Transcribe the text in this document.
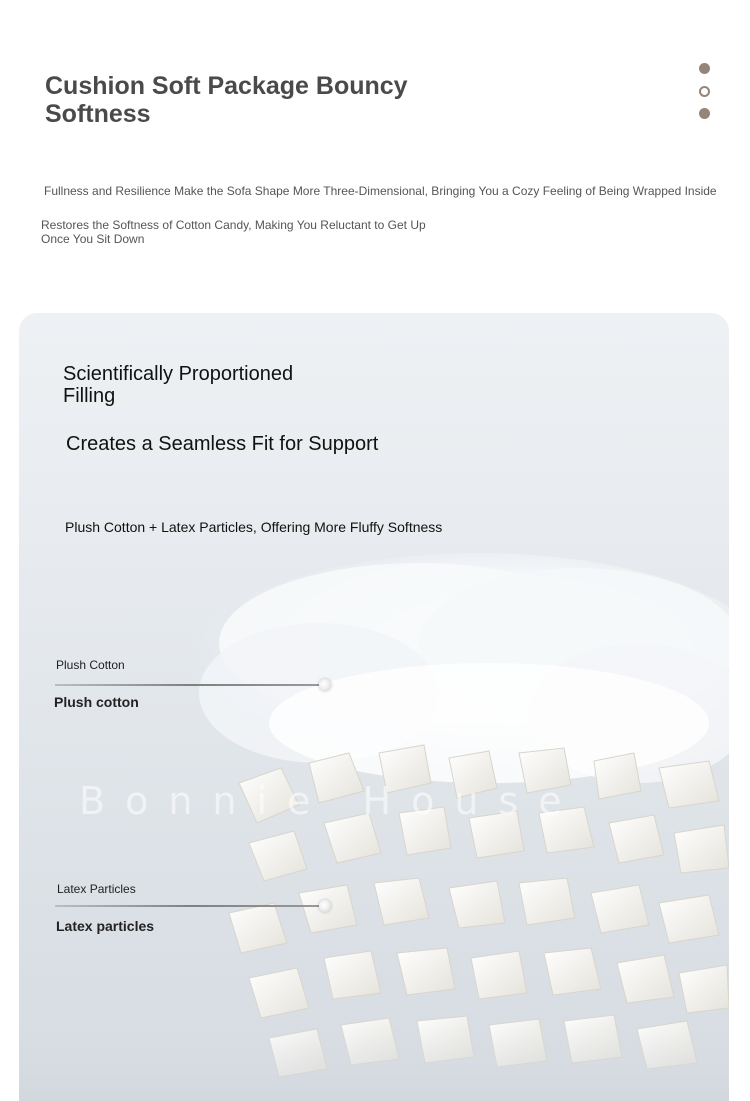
Cushion Soft Package Bouncy Softness

Fullness and Resilience Make the Sofa Shape More Three-Dimensional, Bringing You a Cozy Feeling of Being Wrapped Inside

Restores the Softness of Cotton Candy, Making You Reluctant to Get Up Once You Sit Down

Scientifically Proportioned Filling

Creates a Seamless Fit for Support

Plush Cotton + Latex Particles, Offering More Fluffy Softness

Plush Cotton
Plush cotton
Bonnie House
Latex Particles
Latex particles
